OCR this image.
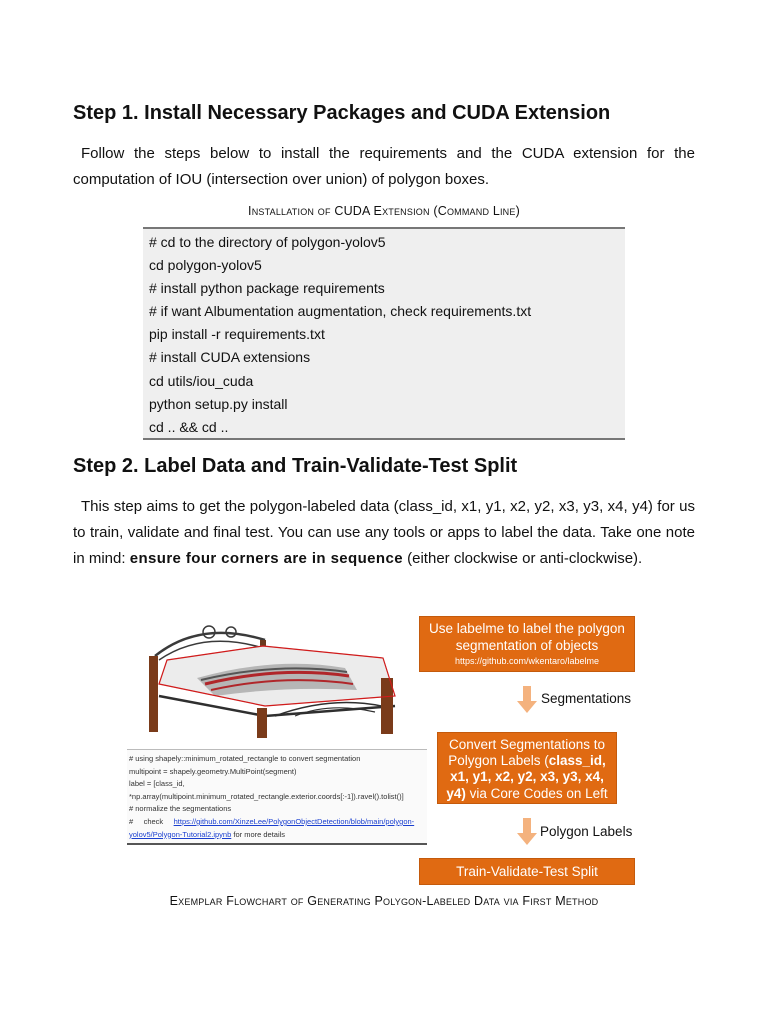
Step 1. Install Necessary Packages and CUDA Extension

Follow the steps below to install the requirements and the CUDA extension for the computation of IOU (intersection over union) of polygon boxes.

Installation of CUDA Extension (Command Line)
# cd to the directory of polygon-yolov5
cd polygon-yolov5
# install python package requirements
# if want Albumentation augmentation, check requirements.txt
pip install -r requirements.txt
# install CUDA extensions
cd utils/iou_cuda
python setup.py install
cd .. && cd ..
Step 2. Label Data and Train-Validate-Test Split

This step aims to get the polygon-labeled data (class_id, x1, y1, x2, y2, x3, y3, x4, y4) for us to train, validate and final test. You can use any tools or apps to label the data. Take one note in mind: ensure four corners are in sequence (either clockwise or anti-clockwise).

# using shapely::minimum_rotated_rectangle to convert segmentation
multipoint = shapely.geometry.MultiPoint(segment)
label = [class_id,
*np.array(multipoint.minimum_rotated_rectangle.exterior.coords[:-1]).ravel().tolist()]
# normalize the segmentations
#     check     https://github.com/XinzeLee/PolygonObjectDetection/blob/main/polygon-
yolov5/Polygon-Tutorial2.ipynb for more details
Use labelme to label the polygon
segmentation of objects
https://github.com/wkentaro/labelme
Segmentations
Convert Segmentations to
Polygon Labels (class_id,
x1, y1, x2, y2, x3, y3, x4,
y4) via Core Codes on Left
Polygon Labels
Train-Validate-Test Split
Exemplar Flowchart of Generating Polygon-Labeled Data via First Method
